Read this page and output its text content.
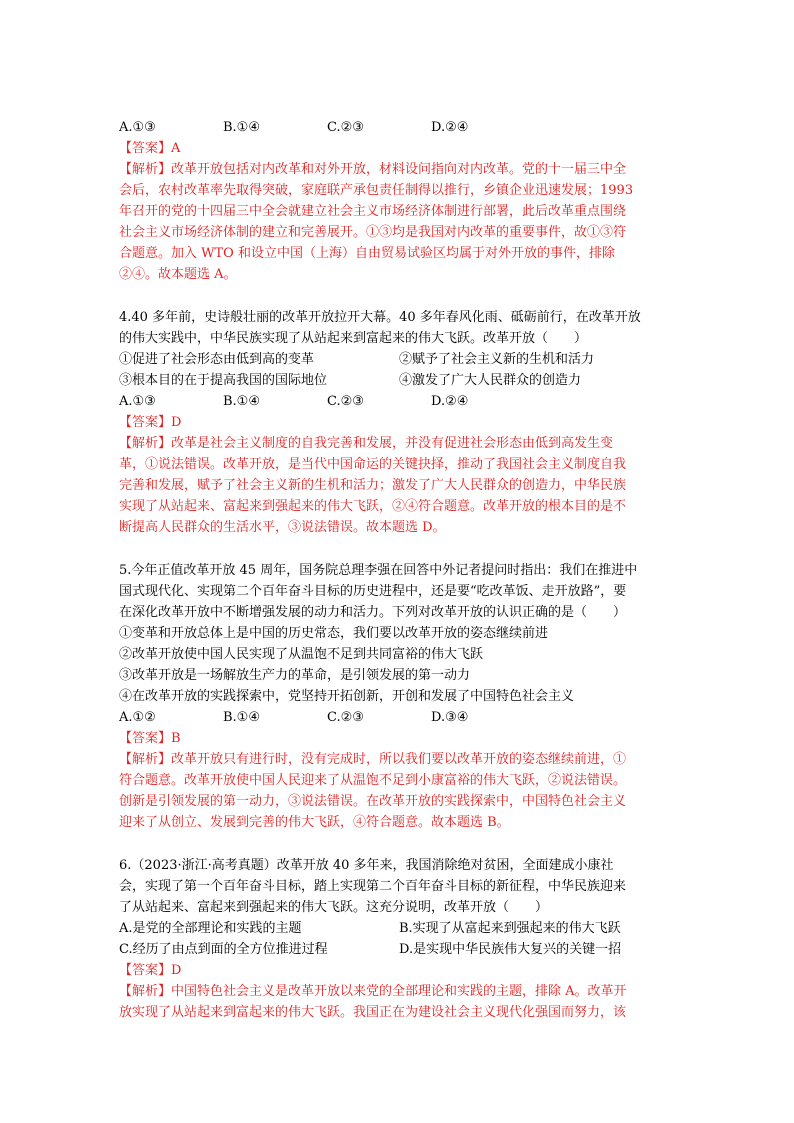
A.①③	B.①④	C.②③	D.②④
【答案】A
【解析】改革开放包括对内改革和对外开放，材料设问指向对内改革。党的十一届三中全
会后，农村改革率先取得突破，家庭联产承包责任制得以推行，乡镇企业迅速发展；1993
年召开的党的十四届三中全会就建立社会主义市场经济体制进行部署，此后改革重点围绕
社会主义市场经济体制的建立和完善展开。①③均是我国对内改革的重要事件，故①③符
合题意。加入 WTO 和设立中国（上海）自由贸易试验区均属于对外开放的事件，排除
②④。故本题选 A。
4.40 多年前，史诗般壮丽的改革开放拉开大幕。40 多年春风化雨、砥砺前行，在改革开放
的伟大实践中，中华民族实现了从站起来到富起来的伟大飞跃。改革开放（　　）
①促进了社会形态由低到高的变革	②赋予了社会主义新的生机和活力
③根本目的在于提高我国的国际地位	④激发了广大人民群众的创造力
A.①③	B.①④	C.②③	D.②④
【答案】D
【解析】改革是社会主义制度的自我完善和发展，并没有促进社会形态由低到高发生变
革，①说法错误。改革开放，是当代中国命运的关键抉择，推动了我国社会主义制度自我
完善和发展，赋予了社会主义新的生机和活力；激发了广大人民群众的创造力，中华民族
实现了从站起来、富起来到强起来的伟大飞跃，②④符合题意。改革开放的根本目的是不
断提高人民群众的生活水平，③说法错误。故本题选 D。
5.今年正值改革开放 45 周年，国务院总理李强在回答中外记者提问时指出：我们在推进中
国式现代化、实现第二个百年奋斗目标的历史进程中，还是要“吃改革饭、走开放路”，要
在深化改革开放中不断增强发展的动力和活力。下列对改革开放的认识正确的是（　　）
①变革和开放总体上是中国的历史常态，我们要以改革开放的姿态继续前进
②改革开放使中国人民实现了从温饱不足到共同富裕的伟大飞跃
③改革开放是一场解放生产力的革命，是引领发展的第一动力
④在改革开放的实践探索中，党坚持开拓创新，开创和发展了中国特色社会主义
A.①②	B.①④	C.②③	D.③④
【答案】B
【解析】改革开放只有进行时，没有完成时，所以我们要以改革开放的姿态继续前进，①
符合题意。改革开放使中国人民迎来了从温饱不足到小康富裕的伟大飞跃，②说法错误。
创新是引领发展的第一动力，③说法错误。在改革开放的实践探索中，中国特色社会主义
迎来了从创立、发展到完善的伟大飞跃，④符合题意。故本题选 B。
6.（2023·浙江·高考真题）改革开放 40 多年来，我国消除绝对贫困，全面建成小康社
会，实现了第一个百年奋斗目标，踏上实现第二个百年奋斗目标的新征程，中华民族迎来
了从站起来、富起来到强起来的伟大飞跃。这充分说明，改革开放（　　）
A.是党的全部理论和实践的主题	B.实现了从富起来到强起来的伟大飞跃
C.经历了由点到面的全方位推进过程	D.是实现中华民族伟大复兴的关键一招
【答案】D
【解析】中国特色社会主义是改革开放以来党的全部理论和实践的主题，排除 A。改革开
放实现了从站起来到富起来的伟大飞跃。我国正在为建设社会主义现代化强国而努力，该
